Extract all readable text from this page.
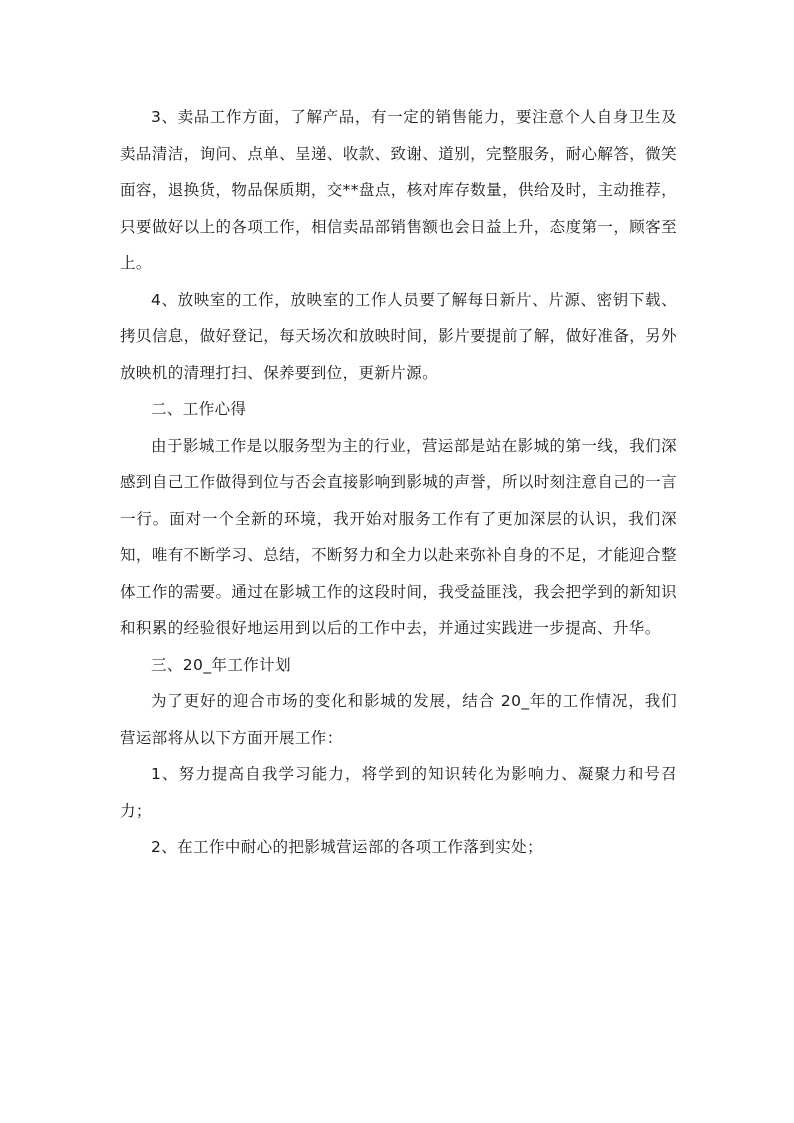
3、卖品工作方面，了解产品，有一定的销售能力，要注意个人自身卫生及卖品清洁，询问、点单、呈递、收款、致谢、道别，完整服务，耐心解答，微笑面容，退换货，物品保质期，交**盘点，核对库存数量，供给及时，主动推荐，只要做好以上的各项工作，相信卖品部销售额也会日益上升，态度第一，顾客至上。

4、放映室的工作，放映室的工作人员要了解每日新片、片源、密钥下载、拷贝信息，做好登记，每天场次和放映时间，影片要提前了解，做好准备，另外放映机的清理打扫、保养要到位，更新片源。

二、工作心得

由于影城工作是以服务型为主的行业，营运部是站在影城的第一线，我们深感到自己工作做得到位与否会直接影响到影城的声誉，所以时刻注意自己的一言一行。面对一个全新的环境，我开始对服务工作有了更加深层的认识，我们深知，唯有不断学习、总结，不断努力和全力以赴来弥补自身的不足，才能迎合整体工作的需要。通过在影城工作的这段时间，我受益匪浅，我会把学到的新知识和积累的经验很好地运用到以后的工作中去，并通过实践进一步提高、升华。

三、20_年工作计划

为了更好的迎合市场的变化和影城的发展，结合 20_年的工作情况，我们营运部将从以下方面开展工作：

1、努力提高自我学习能力，将学到的知识转化为影响力、凝聚力和号召力；

2、在工作中耐心的把影城营运部的各项工作落到实处；
